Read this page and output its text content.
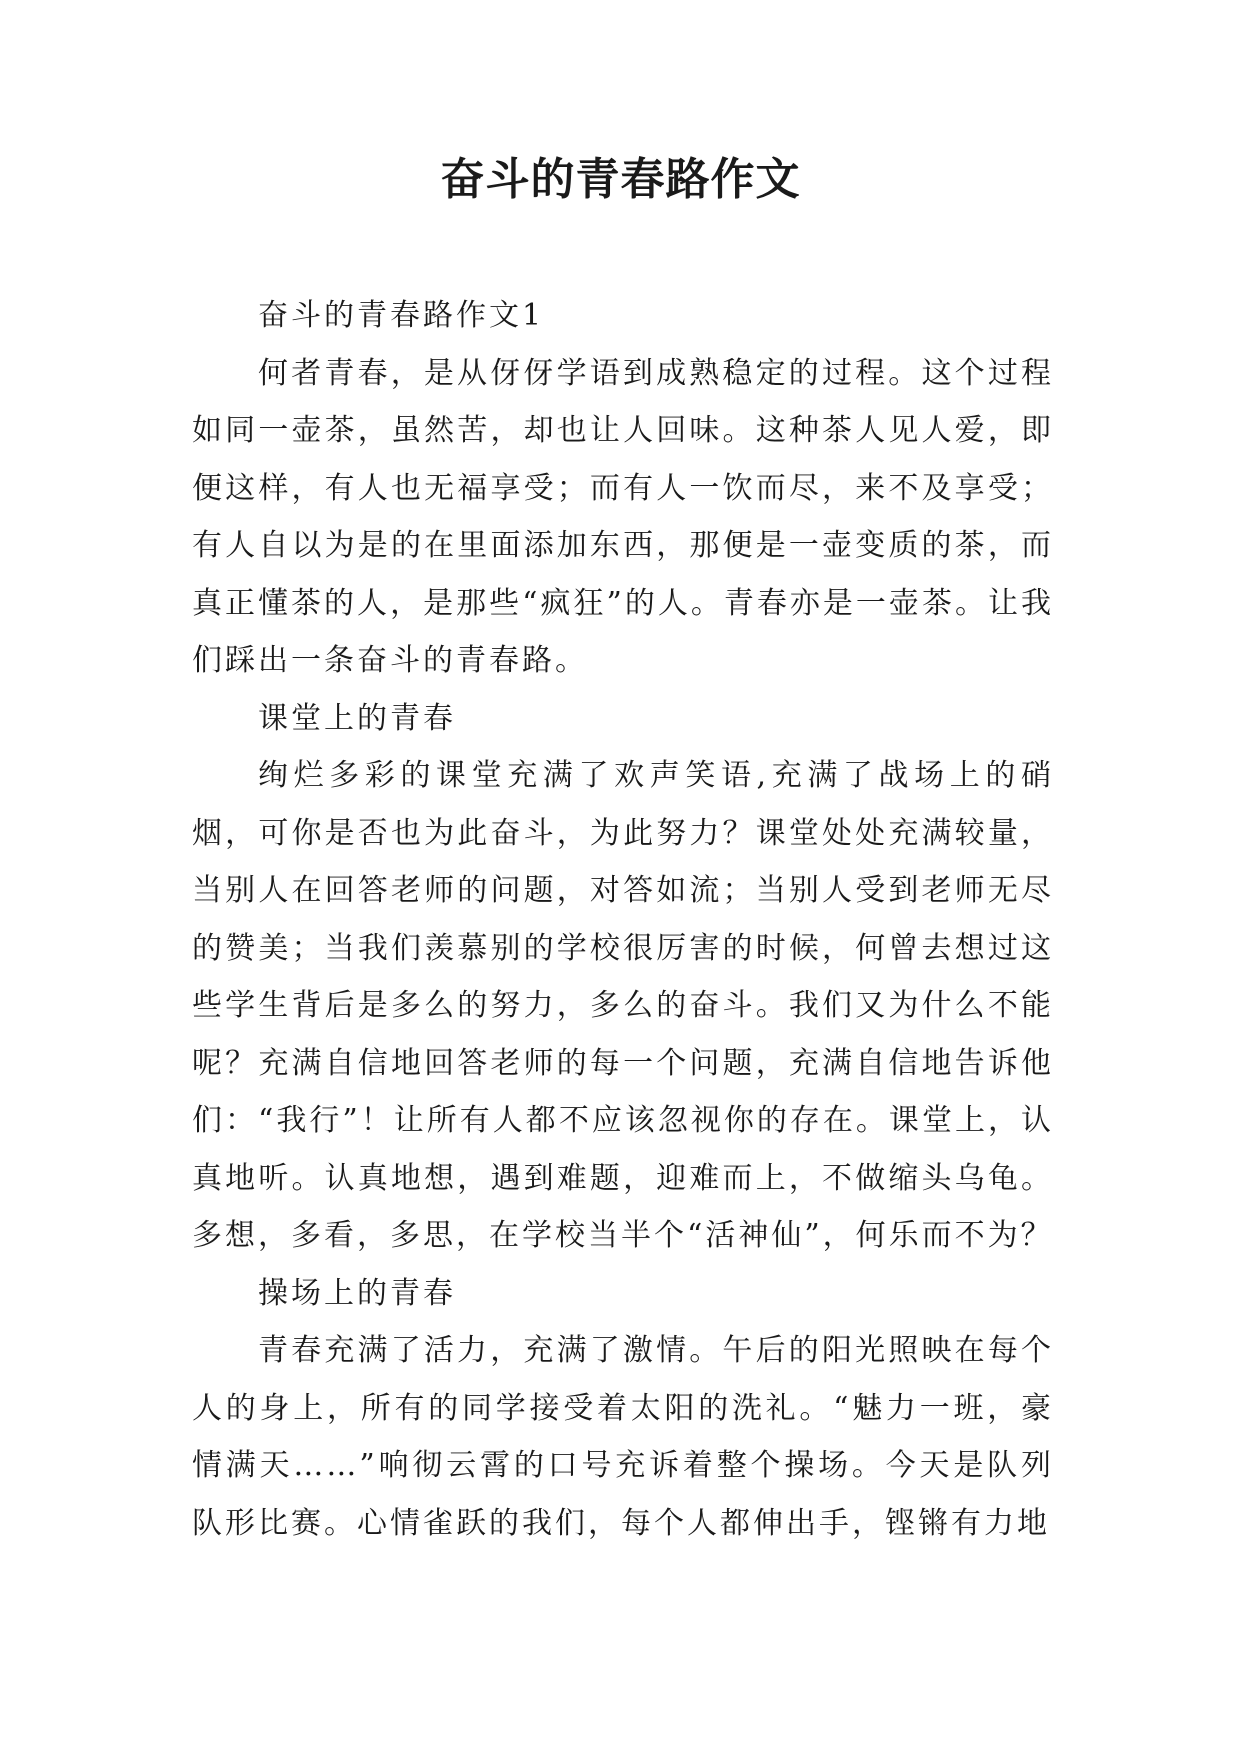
奋斗的青春路作文

奋斗的青春路作文1

何者青春，是从伢伢学语到成熟稳定的过程。这个过程如同一壶茶，虽然苦，却也让人回味。这种茶人见人爱，即便这样，有人也无福享受；而有人一饮而尽，来不及享受；有人自以为是的在里面添加东西，那便是一壶变质的茶，而真正懂茶的人，是那些“疯狂”的人。青春亦是一壶茶。让我们踩出一条奋斗的青春路。

课堂上的青春

绚烂多彩的课堂充满了欢声笑语,充满了战场上的硝烟，可你是否也为此奋斗，为此努力？课堂处处充满较量，当别人在回答老师的问题，对答如流；当别人受到老师无尽的赞美；当我们羡慕别的学校很厉害的时候，何曾去想过这些学生背后是多么的努力，多么的奋斗。我们又为什么不能呢？充满自信地回答老师的每一个问题，充满自信地告诉他们：“我行”！让所有人都不应该忽视你的存在。课堂上，认真地听。认真地想，遇到难题，迎难而上，不做缩头乌龟。多想，多看，多思，在学校当半个“活神仙”，何乐而不为？

操场上的青春

青春充满了活力，充满了激情。午后的阳光照映在每个人的身上，所有的同学接受着太阳的洗礼。“魅力一班，豪情满天……”响彻云霄的口号充诉着整个操场。今天是队列队形比赛。心情雀跃的我们，每个人都伸出手，铿锵有力地
